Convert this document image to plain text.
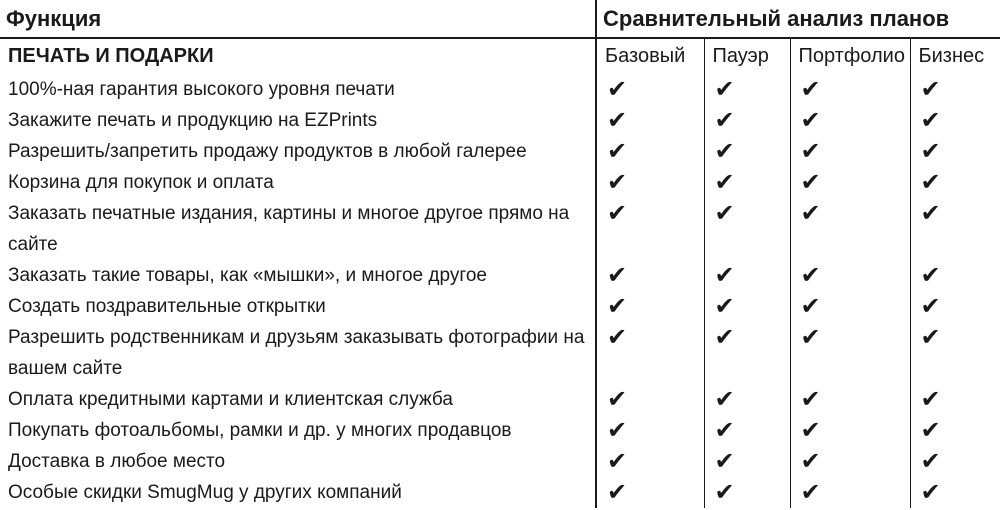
Функция	Сравнительный анализ планов			
ПЕЧАТЬ И ПОДАРКИ	Базовый	Пауэр	Портфолио	Бизнес
100%-ная гарантия высокого уровня печати	✔	✔	✔	✔
Закажите печать и продукцию на EZPrints	✔	✔	✔	✔
Разрешить/запретить продажу продуктов в любой галерее	✔	✔	✔	✔
Корзина для покупок и оплата	✔	✔	✔	✔
Заказать печатные издания, картины и многое другое прямо на сайте	✔	✔	✔	✔
Заказать такие товары, как «мышки», и многое другое	✔	✔	✔	✔
Создать поздравительные открытки	✔	✔	✔	✔
Разрешить родственникам и друзьям заказывать фотографии на вашем сайте	✔	✔	✔	✔
Оплата кредитными картами и клиентская служба	✔	✔	✔	✔
Покупать фотоальбомы, рамки и др. у многих продавцов	✔	✔	✔	✔
Доставка в любое место	✔	✔	✔	✔
Особые скидки SmugMug у других компаний	✔	✔	✔	✔
